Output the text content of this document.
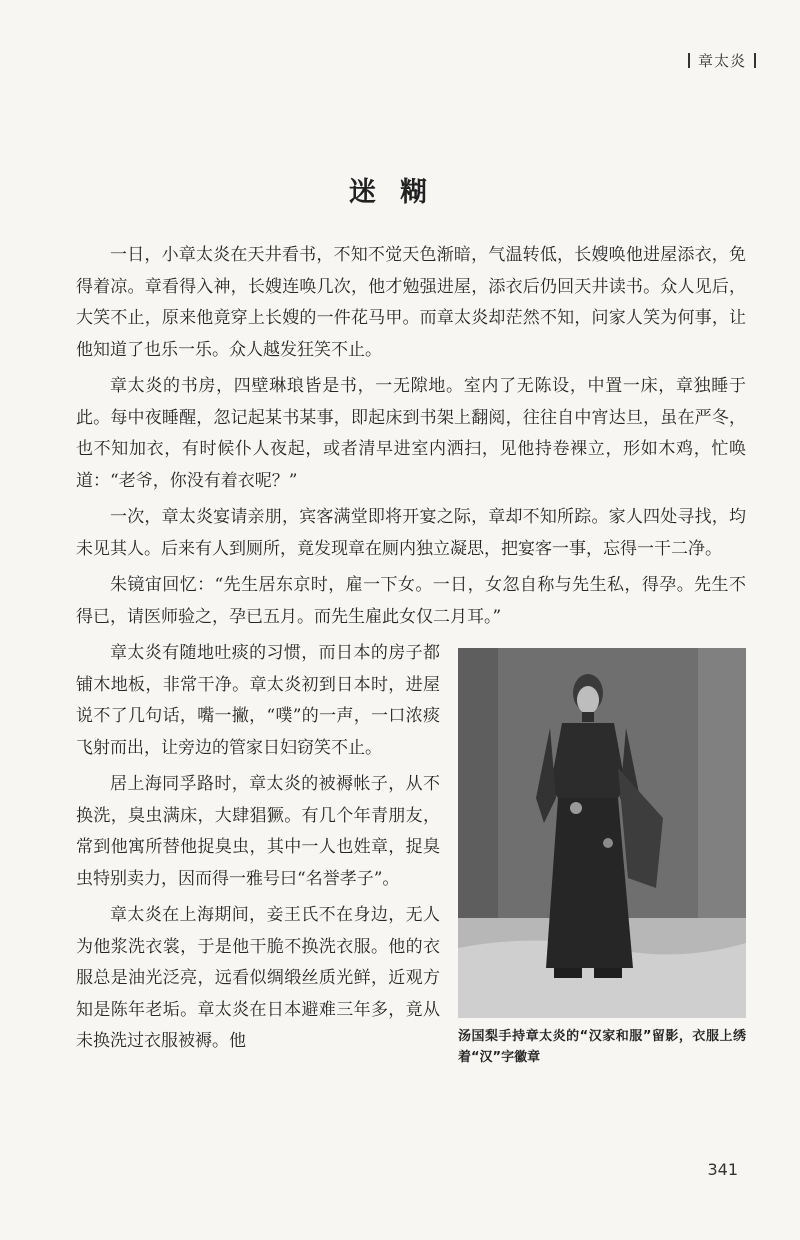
章太炎
迷糊

一日，小章太炎在天井看书，不知不觉天色渐暗，气温转低，长嫂唤他进屋添衣，免得着凉。章看得入神，长嫂连唤几次，他才勉强进屋，添衣后仍回天井读书。众人见后，大笑不止，原来他竟穿上长嫂的一件花马甲。而章太炎却茫然不知，问家人笑为何事，让他知道了也乐一乐。众人越发狂笑不止。

章太炎的书房，四壁琳琅皆是书，一无隙地。室内了无陈设，中置一床，章独睡于此。每中夜睡醒，忽记起某书某事，即起床到书架上翻阅，往往自中宵达旦，虽在严冬，也不知加衣，有时候仆人夜起，或者清早进室内洒扫，见他持卷裸立，形如木鸡，忙唤道：“老爷，你没有着衣呢？”

一次，章太炎宴请亲朋，宾客满堂即将开宴之际，章却不知所踪。家人四处寻找，均未见其人。后来有人到厕所，竟发现章在厕内独立凝思，把宴客一事，忘得一干二净。

朱镜宙回忆：“先生居东京时，雇一下女。一日，女忽自称与先生私，得孕。先生不得已，请医师验之，孕已五月。而先生雇此女仅二月耳。”

汤国梨手持章太炎的“汉家和服”留影，衣服上绣着“汉”字徽章

章太炎有随地吐痰的习惯，而日本的房子都铺木地板，非常干净。章太炎初到日本时，进屋说不了几句话，嘴一撇，“噗”的一声，一口浓痰飞射而出，让旁边的管家日妇窃笑不止。

居上海同孚路时，章太炎的被褥帐子，从不换洗，臭虫满床，大肆猖獗。有几个年青朋友，常到他寓所替他捉臭虫，其中一人也姓章，捉臭虫特别卖力，因而得一雅号曰“名誉孝子”。

章太炎在上海期间，妾王氏不在身边，无人为他浆洗衣裳，于是他干脆不换洗衣服。他的衣服总是油光泛亮，远看似绸缎丝质光鲜，近观方知是陈年老垢。章太炎在日本避难三年多，竟从未换洗过衣服被褥。他

341
